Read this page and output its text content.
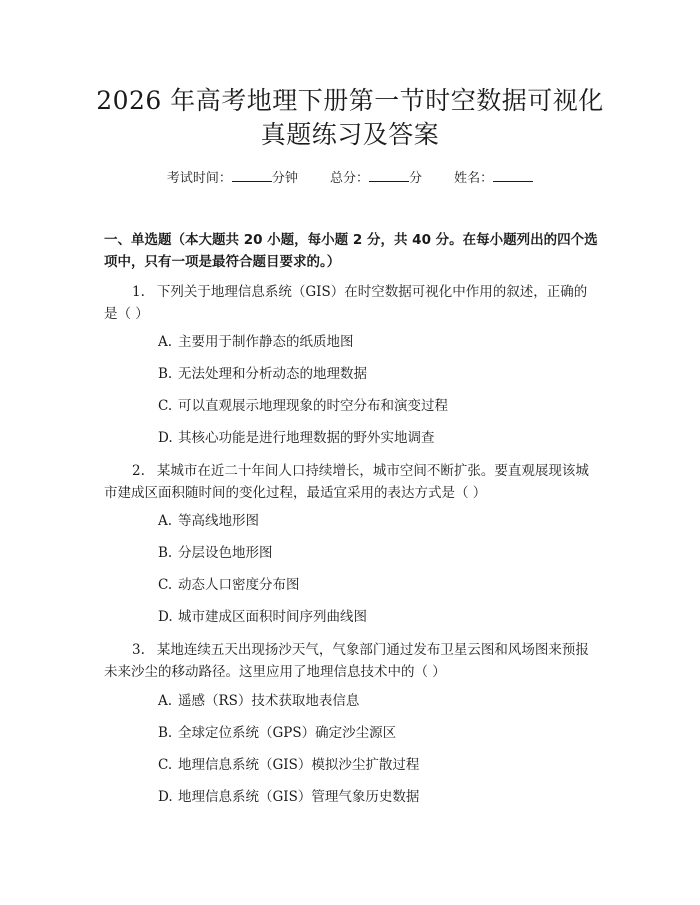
2026 年高考地理下册第一节时空数据可视化
真题练习及答案
考试时间：	分钟 总分：	分 姓名：
一、单选题（本大题共 20 小题，每小题 2 分，共 40 分。在每小题列出的四个选项中，只有一项是最符合题目要求的。）
1. 下列关于地理信息系统（GIS）在时空数据可视化中作用的叙述，正确的是（ ）
A. 主要用于制作静态的纸质地图
B. 无法处理和分析动态的地理数据
C. 可以直观展示地理现象的时空分布和演变过程
D. 其核心功能是进行地理数据的野外实地调查
2. 某城市在近二十年间人口持续增长，城市空间不断扩张。要直观展现该城市建成区面积随时间的变化过程，最适宜采用的表达方式是（ ）
A. 等高线地形图
B. 分层设色地形图
C. 动态人口密度分布图
D. 城市建成区面积时间序列曲线图
3. 某地连续五天出现扬沙天气，气象部门通过发布卫星云图和风场图来预报未来沙尘的移动路径。这里应用了地理信息技术中的（ ）
A. 遥感（RS）技术获取地表信息
B. 全球定位系统（GPS）确定沙尘源区
C. 地理信息系统（GIS）模拟沙尘扩散过程
D. 地理信息系统（GIS）管理气象历史数据
